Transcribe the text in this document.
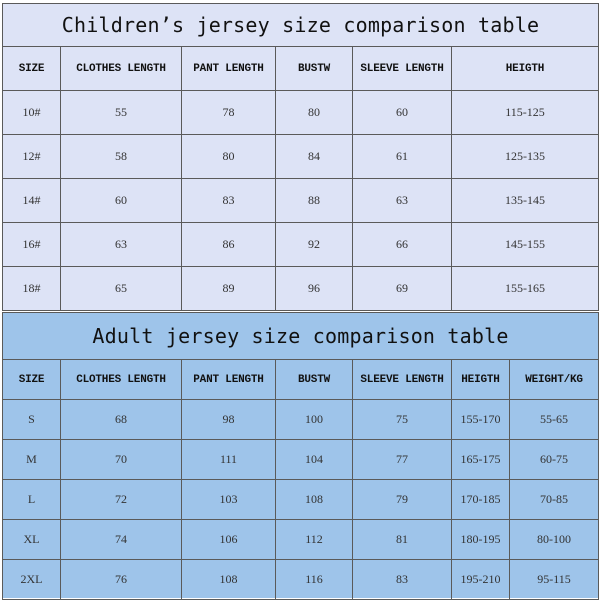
Children’s jersey size comparison table					
SIZE	CLOTHES LENGTH	PANT LENGTH	BUSTW	SLEEVE LENGTH	HEIGTH
10#	55	78	80	60	115-125
12#	58	80	84	61	125-135
14#	60	83	88	63	135-145
16#	63	86	92	66	145-155
18#	65	89	96	69	155-165
Adult jersey size comparison table						
SIZE	CLOTHES LENGTH	PANT LENGTH	BUSTW	SLEEVE LENGTH	HEIGTH	WEIGHT/KG
S	68	98	100	75	155-170	55-65
M	70	111	104	77	165-175	60-75
L	72	103	108	79	170-185	70-85
XL	74	106	112	81	180-195	80-100
2XL	76	108	116	83	195-210	95-115
